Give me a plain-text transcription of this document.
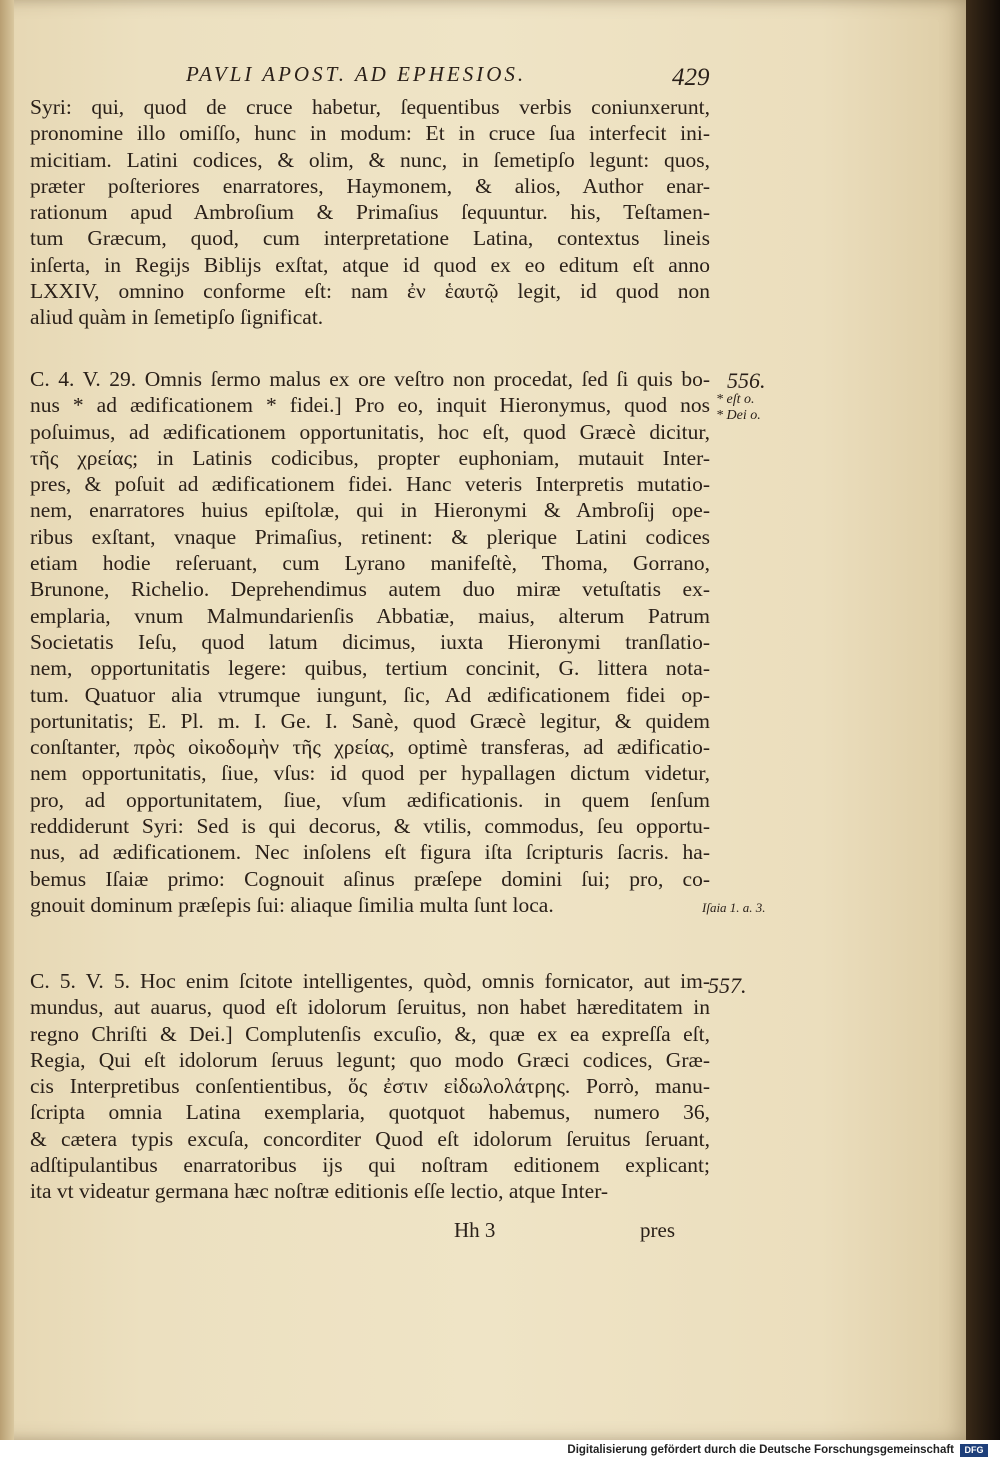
PAVLI APOST. AD EPHESIOS.	429
Syri: qui, quod de cruce habetur, ſequentibus verbis coniunxerunt,
pronomine illo omiſſo, hunc in modum: Et in cruce ſua interfecit ini-
micitiam. Latini codices, & olim, & nunc, in ſemetipſo legunt: quos,
præter poſteriores enarratores, Haymonem, & alios, Author enar-
rationum apud Ambroſium & Primaſius ſequuntur. his, Teſtamen-
tum Græcum, quod, cum interpretatione Latina, contextus lineis
inſerta, in Regijs Biblijs exſtat, atque id quod ex eo editum eſt anno
LXXIV, omnino conforme eſt: nam ἐν ἑαυτῷ legit, id quod non
aliud quàm in ſemetipſo ſignificat.
C. 4. V. 29. Omnis ſermo malus ex ore veſtro non procedat, ſed ſi quis bo-
nus * ad ædificationem * fidei.] Pro eo, inquit Hieronymus, quod nos
poſuimus, ad ædificationem opportunitatis, hoc eſt, quod Græcè dicitur,
τῆς χρείας; in Latinis codicibus, propter euphoniam, mutauit Inter-
pres, & poſuit ad ædificationem fidei. Hanc veteris Interpretis mutatio-
nem, enarratores huius epiſtolæ, qui in Hieronymi & Ambroſij ope-
ribus exſtant, vnaque Primaſius, retinent: & plerique Latini codices
etiam hodie reſeruant, cum Lyrano manifeſtè, Thoma, Gorrano,
Brunone, Richelio. Deprehendimus autem duo miræ vetuſtatis ex-
emplaria, vnum Malmundarienſis Abbatiæ, maius, alterum Patrum
Societatis Ieſu, quod latum dicimus, iuxta Hieronymi tranſlatio-
nem, opportunitatis legere: quibus, tertium concinit, G. littera nota-
tum. Quatuor alia vtrumque iungunt, ſic, Ad ædificationem fidei op-
portunitatis; E. Pl. m. I. Ge. I. Sanè, quod Græcè legitur, & quidem
conſtanter, πρὸς οἰκοδομὴν τῆς χρείας, optimè transferas, ad ædificatio-
nem opportunitatis, ſiue, vſus: id quod per hypallagen dictum videtur,
pro, ad opportunitatem, ſiue, vſum ædificationis. in quem ſenſum
reddiderunt Syri: Sed is qui decorus, & vtilis, commodus, ſeu opportu-
nus, ad ædificationem. Nec inſolens eſt figura iſta ſcripturis ſacris. ha-
bemus Iſaiæ primo: Cognouit aſinus præſepe domini ſui; pro, co-
gnouit dominum præſepis ſui: aliaque ſimilia multa ſunt loca.
C. 5. V. 5. Hoc enim ſcitote intelligentes, quòd, omnis fornicator, aut im-
mundus, aut auarus, quod eſt idolorum ſeruitus, non habet hæreditatem in
regno Chriſti & Dei.] Complutenſis excuſio, &, quæ ex ea expreſſa eſt,
Regia, Qui eſt idolorum ſeruus legunt; quo modo Græci codices, Græ-
cis Interpretibus conſentientibus, ὅς ἐστιν εἰδωλολάτρης. Porrò, manu-
ſcripta omnia Latina exemplaria, quotquot habemus, numero 36,
& cætera typis excuſa, concorditer Quod eſt idolorum ſeruitus ſeruant,
adſtipulantibus enarratoribus ijs qui noſtram editionem explicant;
ita vt videatur germana hæc noſtræ editionis eſſe lectio, atque Inter-
556.
* eſt o.
* Dei o.
Iſaia 1. a. 3.
557.
Hh 3	pres
Digitalisierung gefördert durch die Deutsche Forschungsgemeinschaft	DFG
